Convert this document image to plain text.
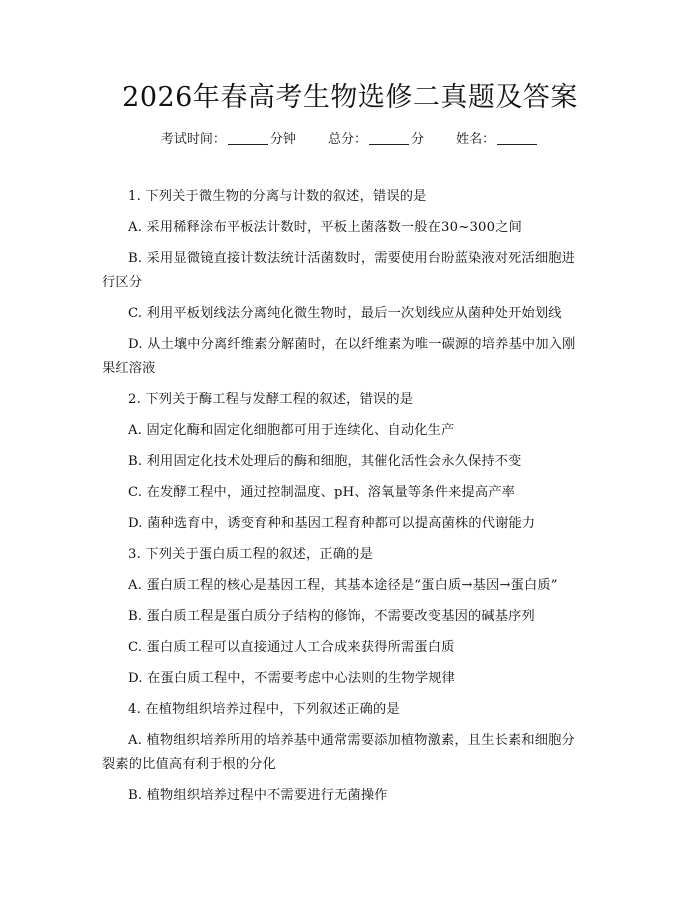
2026年春高考生物选修二真题及答案
考试时间：	分钟 总分：	分 姓名：
1. 下列关于微生物的分离与计数的叙述，错误的是
A. 采用稀释涂布平板法计数时，平板上菌落数一般在30~300之间
B. 采用显微镜直接计数法统计活菌数时，需要使用台盼蓝染液对死活细胞进
行区分
C. 利用平板划线法分离纯化微生物时，最后一次划线应从菌种处开始划线
D. 从土壤中分离纤维素分解菌时，在以纤维素为唯一碳源的培养基中加入刚
果红溶液
2. 下列关于酶工程与发酵工程的叙述，错误的是
A. 固定化酶和固定化细胞都可用于连续化、自动化生产
B. 利用固定化技术处理后的酶和细胞，其催化活性会永久保持不变
C. 在发酵工程中，通过控制温度、pH、溶氧量等条件来提高产率
D. 菌种选育中，诱变育种和基因工程育种都可以提高菌株的代谢能力
3. 下列关于蛋白质工程的叙述，正确的是
A. 蛋白质工程的核心是基因工程，其基本途径是“蛋白质→基因→蛋白质”
B. 蛋白质工程是蛋白质分子结构的修饰，不需要改变基因的碱基序列
C. 蛋白质工程可以直接通过人工合成来获得所需蛋白质
D. 在蛋白质工程中，不需要考虑中心法则的生物学规律
4. 在植物组织培养过程中，下列叙述正确的是
A. 植物组织培养所用的培养基中通常需要添加植物激素，且生长素和细胞分
裂素的比值高有利于根的分化
B. 植物组织培养过程中不需要进行无菌操作
